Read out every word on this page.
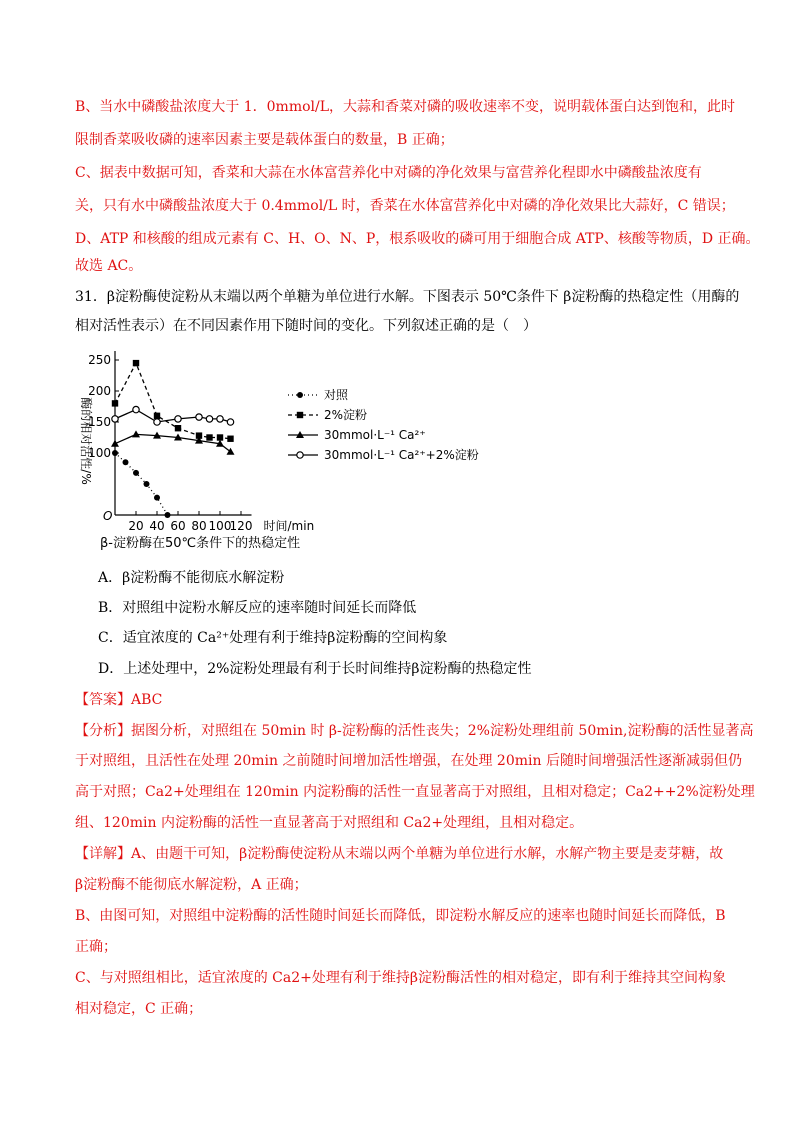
B、当水中磷酸盐浓度大于 1．0mmol/L，大蒜和香菜对磷的吸收速率不变，说明载体蛋白达到饱和，此时
限制香菜吸收磷的速率因素主要是载体蛋白的数量，B 正确；
C、据表中数据可知，香菜和大蒜在水体富营养化中对磷的净化效果与富营养化程即水中磷酸盐浓度有
关，只有水中磷酸盐浓度大于 0.4mmol/L 时，香菜在水体富营养化中对磷的净化效果比大蒜好，C 错误；
D、ATP 和核酸的组成元素有 C、H、O、N、P，根系吸收的磷可用于细胞合成 ATP、核酸等物质，D 正确。
故选 AC。
31．β淀粉酶使淀粉从末端以两个单糖为单位进行水解。下图表示 50℃条件下 β淀粉酶的热稳定性（用酶的
相对活性表示）在不同因素作用下随时间的变化。下列叙述正确的是（　）
O
100
150
200
250
20 40 60 80 100
120 时间/min
酶的相对活性/%
β-淀粉酶在50℃条件下的热稳定性
对照
2%淀粉
30mmol·L⁻¹ Ca²⁺
30mmol·L⁻¹ Ca²⁺+2%淀粉
A．β淀粉酶不能彻底水解淀粉
B．对照组中淀粉水解反应的速率随时间延长而降低
C．适宜浓度的 Ca²⁺处理有利于维持β淀粉酶的空间构象
D．上述处理中，2%淀粉处理最有利于长时间维持β淀粉酶的热稳定性
【答案】ABC
【分析】据图分析，对照组在 50min 时 β-淀粉酶的活性丧失；2%淀粉处理组前 50min,淀粉酶的活性显著高
于对照组，且活性在处理 20min 之前随时间增加活性增强，在处理 20min 后随时间增强活性逐渐减弱但仍
高于对照；Ca2+处理组在 120min 内淀粉酶的活性一直显著高于对照组，且相对稳定；Ca2++2%淀粉处理
组、120min 内淀粉酶的活性一直显著高于对照组和 Ca2+处理组，且相对稳定。
【详解】A、由题干可知，β淀粉酶使淀粉从末端以两个单糖为单位进行水解，水解产物主要是麦芽糖，故
β淀粉酶不能彻底水解淀粉，A 正确；
B、由图可知，对照组中淀粉酶的活性随时间延长而降低，即淀粉水解反应的速率也随时间延长而降低，B
正确；
C、与对照组相比，适宜浓度的 Ca2+处理有利于维持β淀粉酶活性的相对稳定，即有利于维持其空间构象
相对稳定，C 正确；
